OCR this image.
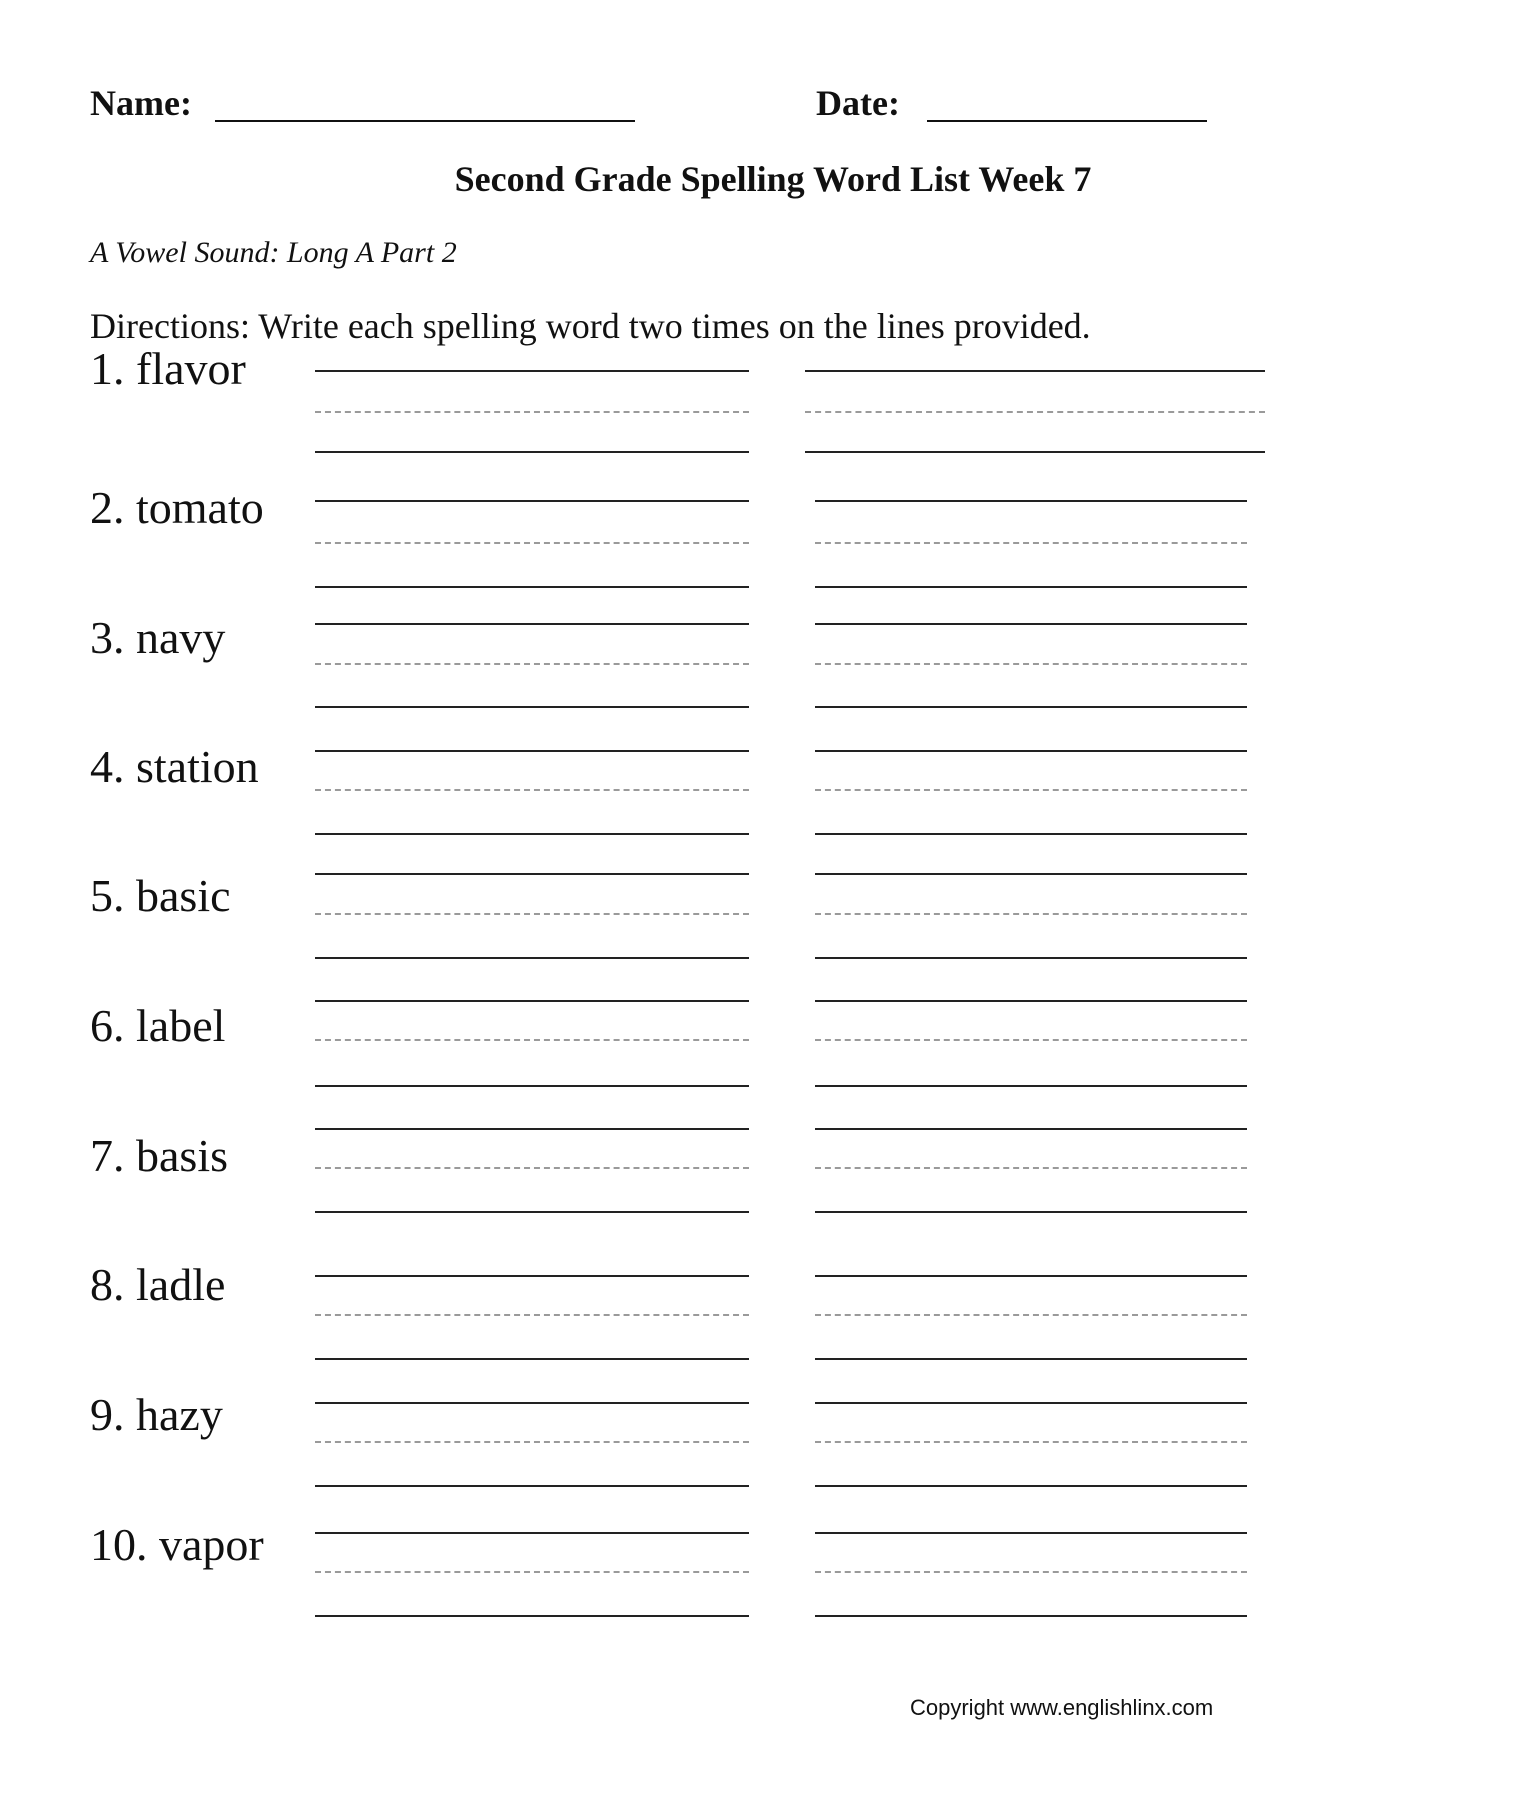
Name:	Date:
Second Grade Spelling Word List Week 7
A Vowel Sound: Long A Part 2
Directions: Write each spelling word two times on the lines provided.
1. flavor
2. tomato
3. navy
4. station
5. basic
6. label
7. basis
8. ladle
9. hazy
10. vapor
Copyright www.englishlinx.com
